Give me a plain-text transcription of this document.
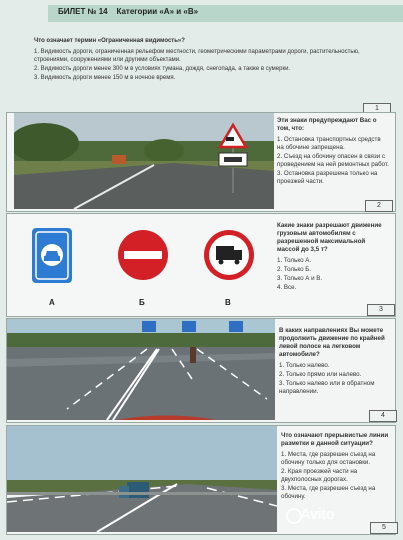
БИЛЕТ № 14 Категории «А» и «В»
Что означает термин «Ограниченная видимость»?
1. Видимость дороги, ограниченная рельефом местности, геометрическими параметрами дороги, растительностью, строениями, сооружениями или другими объектами.
2. Видимость дороги менее 300 м в условиях тумана, дождя, снегопада, а также в сумерки.
3. Видимость дороги менее 150 м в ночное время.
1
Эти знаки предупреждают Вас о том, что:
1. Остановка транспортных средств на обочине запрещена.
2. Съезд на обочину опасен в связи с проведением на ней ремонтных работ.
3. Остановка разрешена только на проезжей части.
2
А	Б	В
Какие знаки разрешают движение грузовым автомобилям с разрешенной максимальной массой до 3,5 т?
1. Только А.
2. Только Б.
3. Только А и В.
4. Все.
3
В каких направлениях Вы можете продолжить движение по крайней левой полосе на легковом автомобиле?
1. Только налево.
2. Только прямо или налево.
3. Только налево или в обратном направлении.
4
Что означают прерывистые линии разметки в данной ситуации?
1. Места, где разрешен съезд на обочину только для остановки.
2. Края проезжей части на двухполосных дорогах.
3. Места, где разрешен съезд на обочину.
5
Avito
